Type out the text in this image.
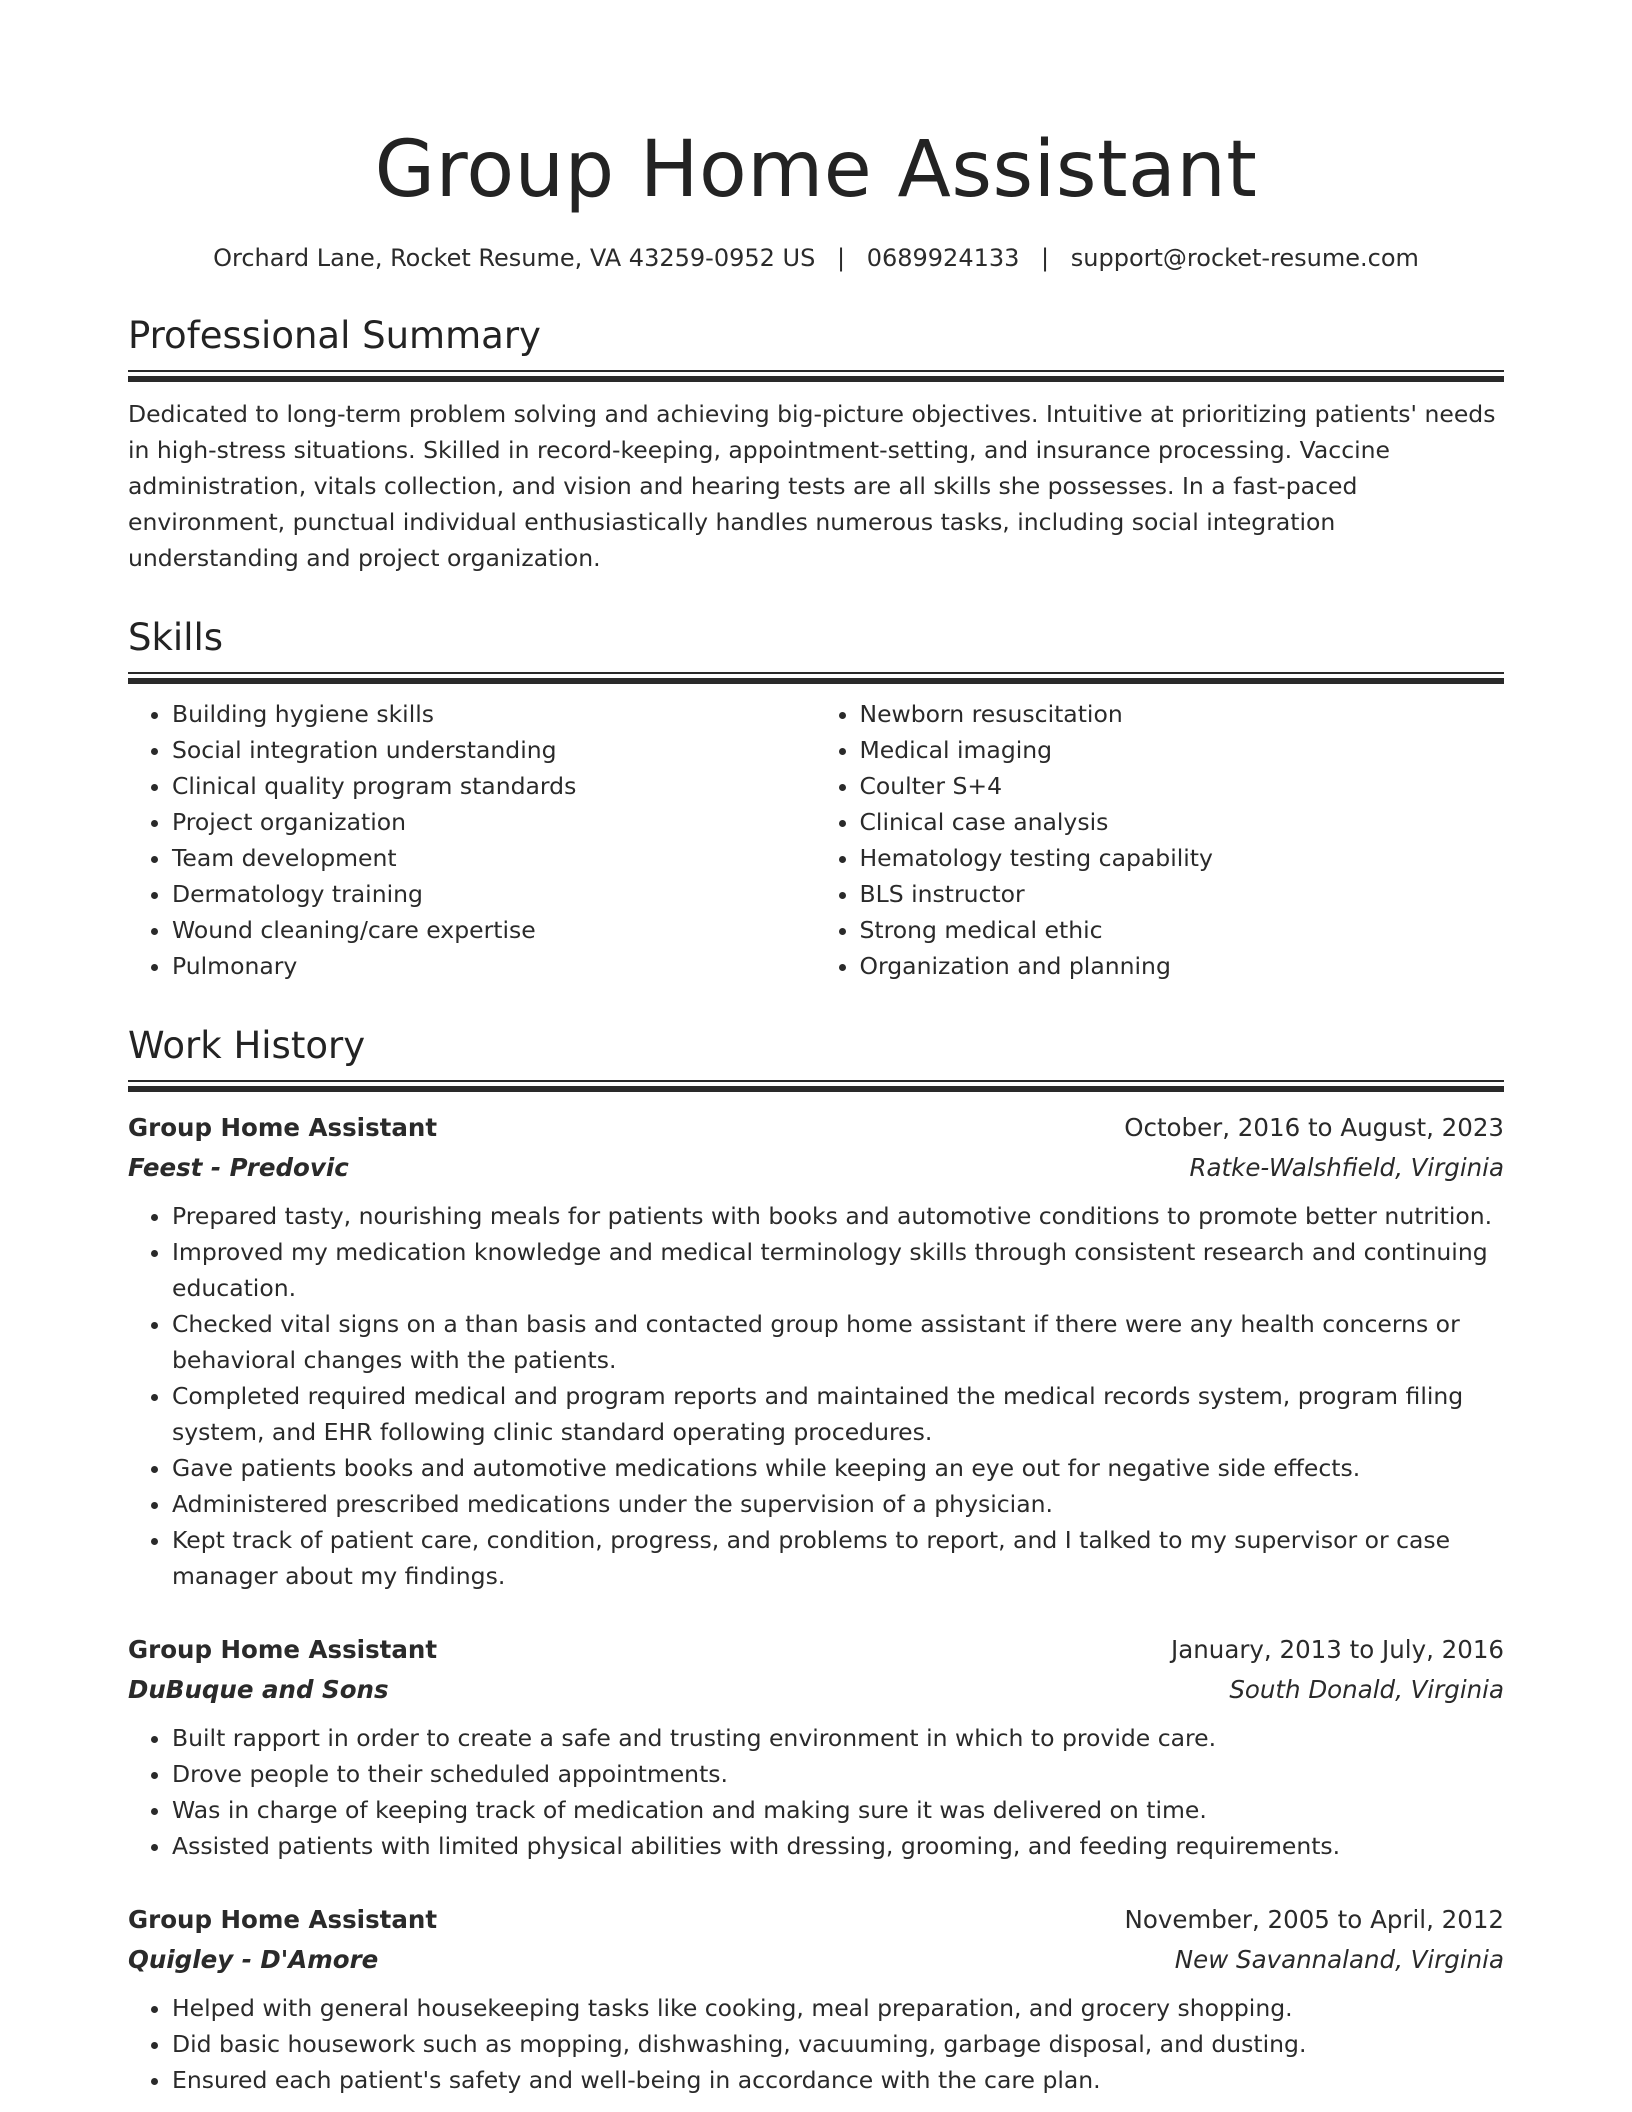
Group Home Assistant
Orchard Lane, Rocket Resume, VA 43259-0952 US | 0689924133 | support@rocket-resume.com
Professional Summary
Dedicated to long-term problem solving and achieving big-picture objectives. Intuitive at prioritizing patients' needs in high-stress situations. Skilled in record-keeping, appointment-setting, and insurance processing. Vaccine administration, vitals collection, and vision and hearing tests are all skills she possesses. In a fast-paced environment, punctual individual enthusiastically handles numerous tasks, including social integration understanding and project organization.
Skills
• Building hygiene skills
• Social integration understanding
• Clinical quality program standards
• Project organization
• Team development
• Dermatology training
• Wound cleaning/care expertise
• Pulmonary
• Newborn resuscitation
• Medical imaging
• Coulter S+4
• Clinical case analysis
• Hematology testing capability
• BLS instructor
• Strong medical ethic
• Organization and planning
Work History
Group Home Assistant	October, 2016 to August, 2023
Feest - Predovic	Ratke-Walshfield, Virginia
• Prepared tasty, nourishing meals for patients with books and automotive conditions to promote better nutrition.
• Improved my medication knowledge and medical terminology skills through consistent research and continuing education.
• Checked vital signs on a than basis and contacted group home assistant if there were any health concerns or behavioral changes with the patients.
• Completed required medical and program reports and maintained the medical records system, program filing system, and EHR following clinic standard operating procedures.
• Gave patients books and automotive medications while keeping an eye out for negative side effects.
• Administered prescribed medications under the supervision of a physician.
• Kept track of patient care, condition, progress, and problems to report, and I talked to my supervisor or case manager about my findings.
Group Home Assistant	January, 2013 to July, 2016
DuBuque and Sons	South Donald, Virginia
• Built rapport in order to create a safe and trusting environment in which to provide care.
• Drove people to their scheduled appointments.
• Was in charge of keeping track of medication and making sure it was delivered on time.
• Assisted patients with limited physical abilities with dressing, grooming, and feeding requirements.
Group Home Assistant	November, 2005 to April, 2012
Quigley - D'Amore	New Savannaland, Virginia
• Helped with general housekeeping tasks like cooking, meal preparation, and grocery shopping.
• Did basic housework such as mopping, dishwashing, vacuuming, garbage disposal, and dusting.
• Ensured each patient's safety and well-being in accordance with the care plan.
